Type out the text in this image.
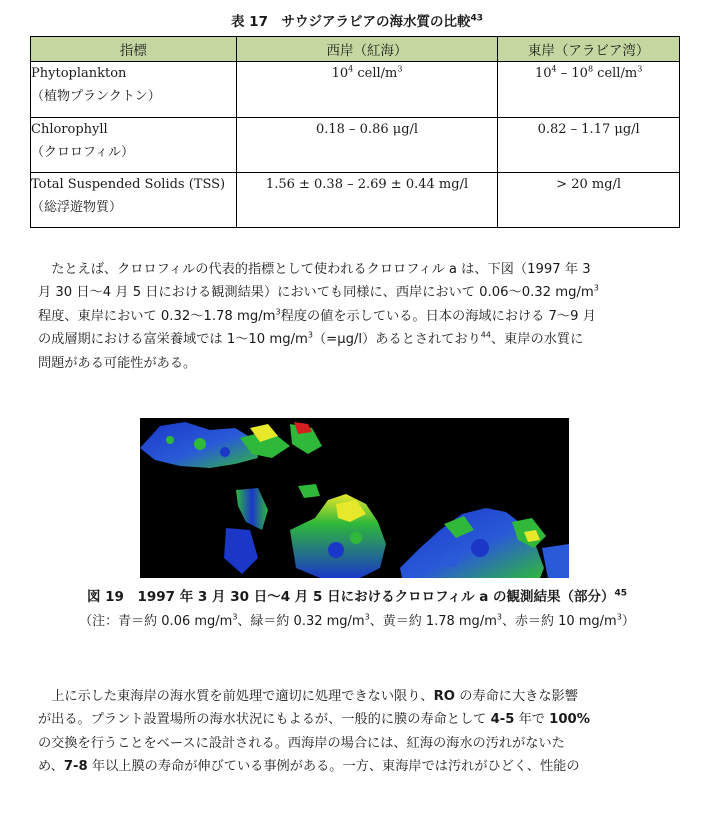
表 17　サウジアラビアの海水質の比較$^{43}$
指標	西岸（紅海）	東岸（アラビア湾）

Phytoplankton
（植物プランクトン）	$10^4$ cell/$m^3$	$10^4 - 10^8$ cell/$m^3$

Chlorophyll
（クロロフィル）	0.18 – 0.86 μg/l	0.82 – 1.17 μg/l

Total Suspended Solids (TSS)
（総浮遊物質）	1.56 ± 0.38 – 2.69 ± 0.44 mg/l	> 20 mg/l

たとえば、クロロフィルの代表的指標として使われるクロロフィル a は、下図（1997 年 3

月 30 日～4 月 5 日における観測結果）においても同様に、西岸において 0.06～0.32 $mg/m^3$
程度、東岸において 0.32～1.78 $mg/m^3$程度の値を示している。日本の海域における 7～9 月
の成層期における富栄養域では 1～10 $mg/m^3(=\mu g/l)$あるとされており$^{44}$、東岸の水質に
問題がある可能性がある。
図 19　1997 年 3 月 30 日～4 月 5 日におけるクロロフィル a の観測結果（部分）$^{45}$
（注：青＝約 0.06 $mg/m^3$、緑＝約 0.32 $mg/m^3$、黄＝約 1.78 $mg/m^3$、赤＝約 10 $mg/m^3$）

上に示した東海岸の海水質を前処理で適切に処理できない限り、RO の寿命に大きな影響

が出る。プラント設置場所の海水状況にもよるが、一般的に膜の寿命として 4-5 年で 100%
の交換を行うことをベースに設計される。西海岸の場合には、紅海の海水の汚れがないた
め、7-8 年以上膜の寿命が伸びている事例がある。一方、東海岸では汚れがひどく、性能の
